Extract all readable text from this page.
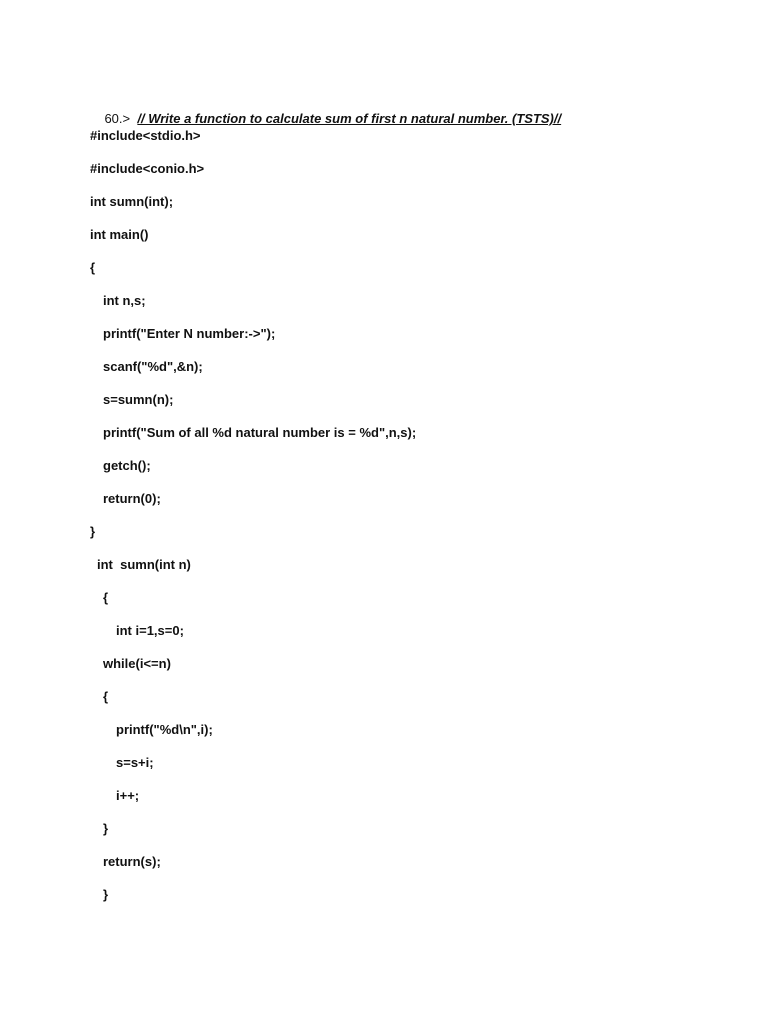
60.> // Write a function to calculate sum of first n natural number. (TSTS)//

#include<stdio.h>
#include<conio.h>
int sumn(int);
int main()
{
int n,s;
printf("Enter N number:->");
scanf("%d",&n);
s=sumn(n);
printf("Sum of all %d natural number is = %d",n,s);
getch();
return(0);
}
int  sumn(int n)
{
int i=1,s=0;
while(i<=n)
{
printf("%d\n",i);
s=s+i;
i++;
}
return(s);
}
